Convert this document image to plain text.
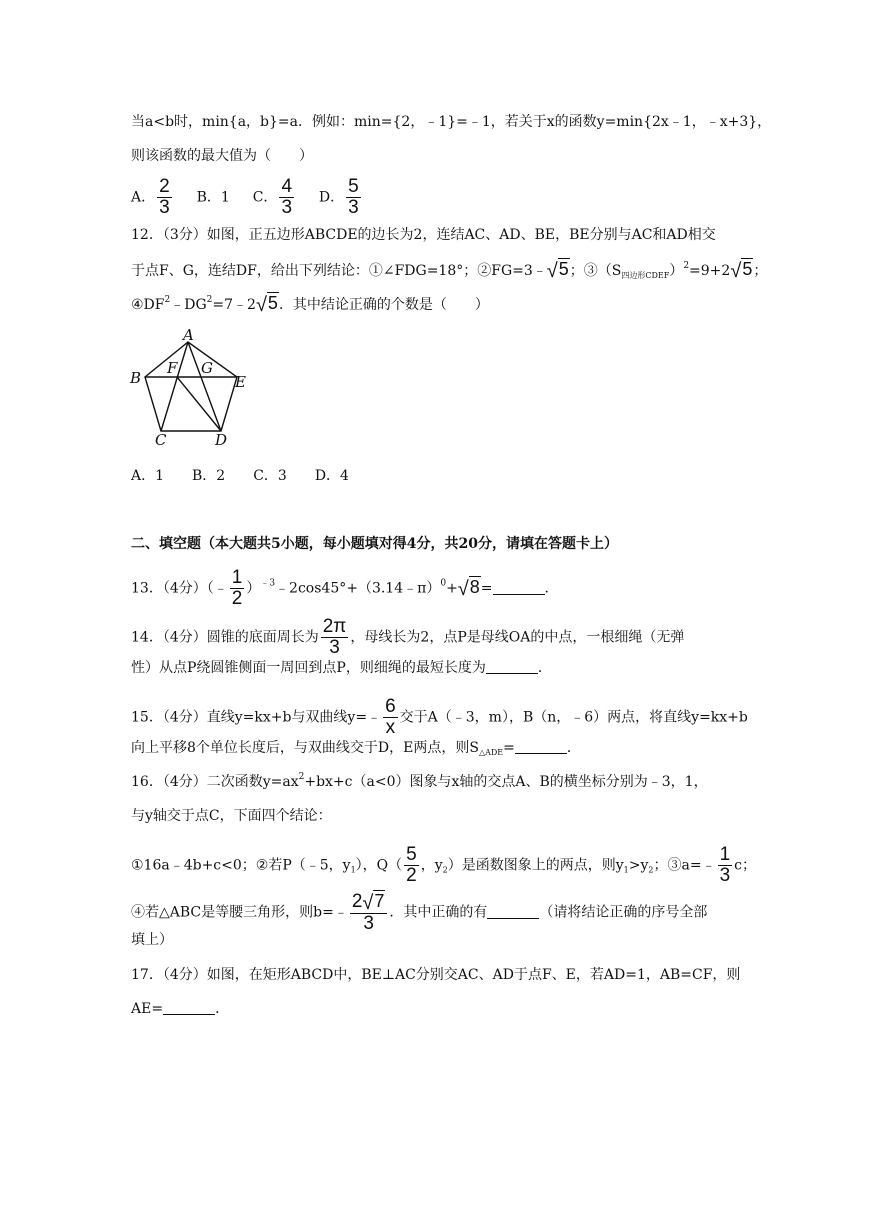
当a<b时，min{a，b}=a．例如：min={2，﹣1}=﹣1，若关于x的函数y=min{2x﹣1，﹣x+3}，
则该函数的最大值为（　　）
A． $\frac{2}{3}$ B．1 C． $\frac{4}{3}$ D． $\frac{5}{3}$
12．（3分）如图，正五边形ABCDE的边长为2，连结AC、AD、BE，BE分别与AC和AD相交
于点F、G，连结DF，给出下列结论：①∠FDG=18°；②FG=3﹣√5；$③(S_{四边形CDEF})^2=9+2√5$；
$④DF^2﹣DG^2=7﹣2√5$．其中结论正确的个数是（　　）
A
B
C	D
E
F G
A．1　　B．2　　C．3　　D．4
二、填空题（本大题共5小题，每小题填对得4分，共20分，请填在答题卡上）
13．（4分）（﹣ $\frac{1}{2}$ ）$^{﹣3}$﹣2cos45°+（3.14﹣π）$^0$+√8=	．
14．（4分）圆锥的底面周长为 $\frac{2\pi}{3}$ ，母线长为2，点P是母线OA的中点，一根细绳（无弹
性）从点P绕圆锥侧面一周回到点P，则细绳的最短长度为	．
15．（4分）直线y=kx+b与双曲线y=﹣ $\frac{6}{x}$ 交于A（﹣3，m），B（n，﹣6）两点，将直线y=kx+b
向上平移8个单位长度后，与双曲线交于D，E两点，则$S_{\triangle ADE}=$	．
16．（4分）二次函数$y=ax^2+bx+c(a<0)$图象与x轴的交点A、B的横坐标分别为﹣3，1，
与y轴交于点C，下面四个结论：
①16a﹣4b+c<0；②若P（﹣5，$y_1$），$Q( \frac{5}{2}$ ，$y_2$）是函数图象上的两点，则$y_1>y_2$；③a=﹣ $\frac{1}{3}$ c；
④若△ABC是等腰三角形，则b=﹣ $\frac{2√7}{3}$ ．其中正确的有	（请将结论正确的序号全部
填上）
17．（4分）如图，在矩形ABCD中，BE⊥AC分别交AC、AD于点F、E，若AD=1，AB=CF，则
AE=	．
